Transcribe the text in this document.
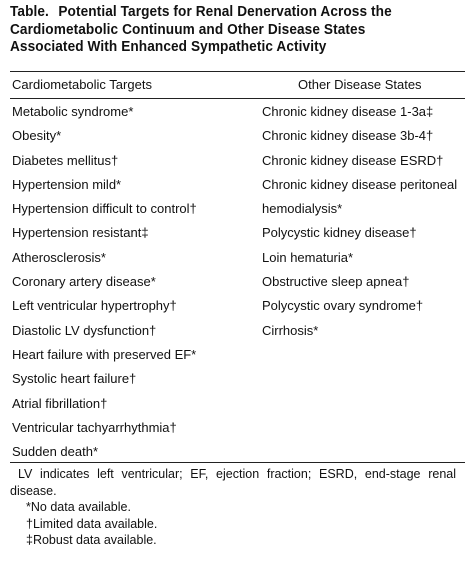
Table. Potential Targets for Renal Denervation Across the Cardiometabolic Continuum and Other Disease States Associated With Enhanced Sympathetic Activity
Cardiometabolic Targets	Other Disease States
Metabolic syndrome*
Obesity*
Diabetes mellitus†
Hypertension mild*
Hypertension difficult to control†
Hypertension resistant‡
Atherosclerosis*
Coronary artery disease*
Left ventricular hypertrophy†
Diastolic LV dysfunction†
Heart failure with preserved EF*
Systolic heart failure†
Atrial fibrillation†
Ventricular tachyarrhythmia†
Sudden death*
Chronic kidney disease 1-3a‡
Chronic kidney disease 3b-4†
Chronic kidney disease ESRD†
Chronic kidney disease peritoneal
hemodialysis*
Polycystic kidney disease†
Loin hematuria*
Obstructive sleep apnea†
Polycystic ovary syndrome†
Cirrhosis*

LV indicates left ventricular; EF, ejection fraction; ESRD, end-stage renal disease.

*No data available.

†Limited data available.

‡Robust data available.
